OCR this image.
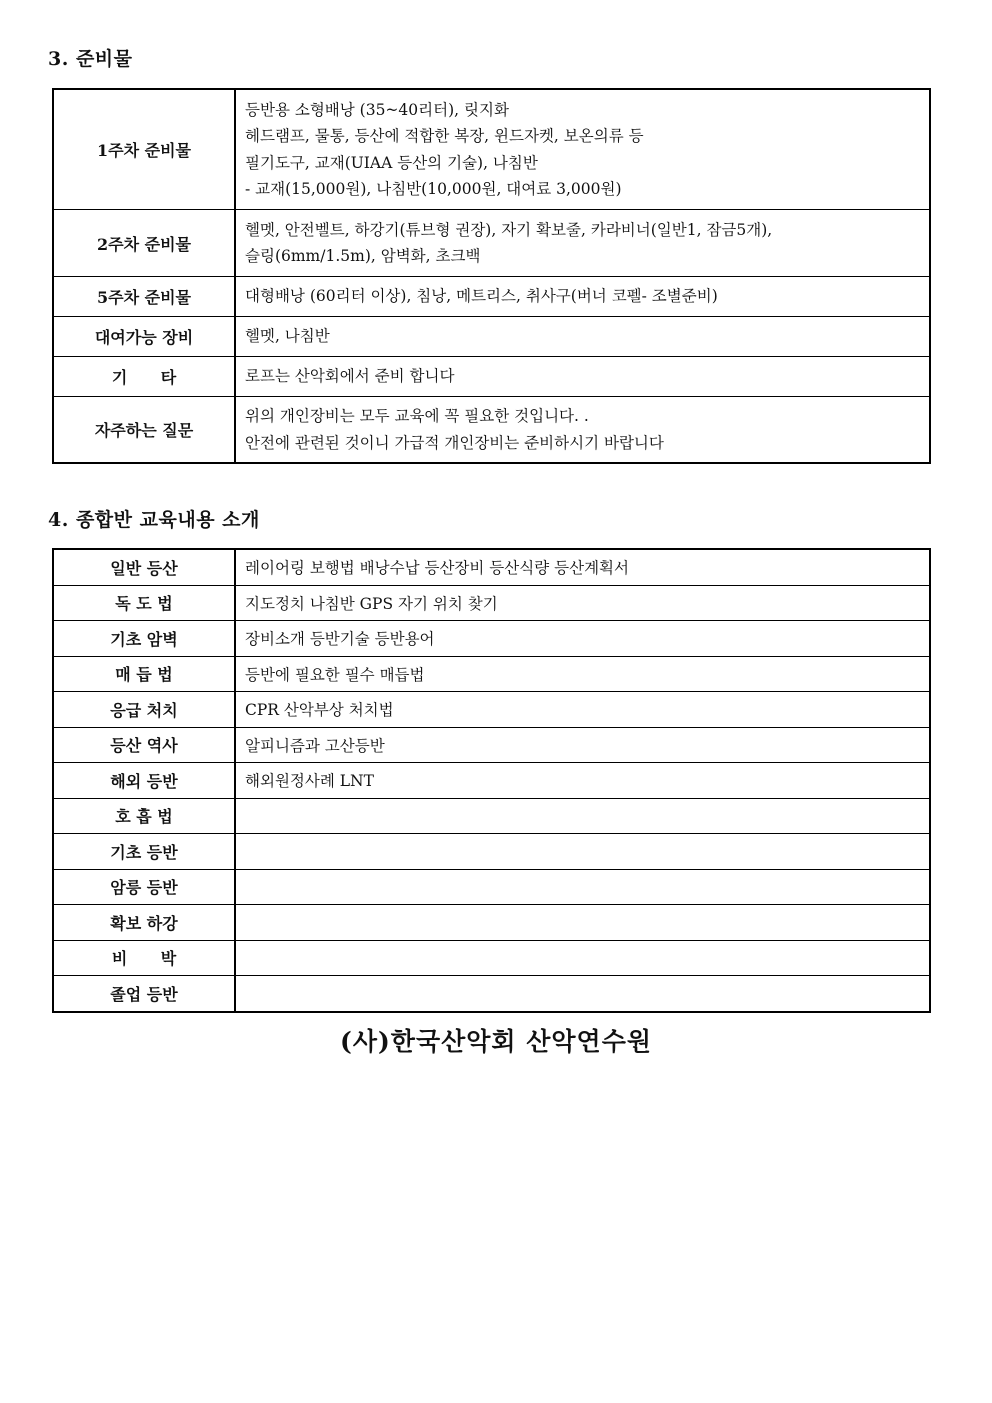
3. 준비물
1주차 준비물	등반용 소형배낭 (35~40리터), 릿지화
헤드램프, 물통, 등산에 적합한 복장, 윈드자켓, 보온의류 등
필기도구, 교재(UIAA 등산의 기술), 나침반
- 교재(15,000원), 나침반(10,000원, 대여료 3,000원)

2주차 준비물	헬멧, 안전벨트, 하강기(튜브형 권장), 자기 확보줄, 카라비너(일반1, 잠금5개),
슬링(6mm/1.5m), 암벽화, 초크백

5주차 준비물	대형배낭 (60리터 이상), 침낭, 메트리스, 취사구(버너 코펠- 조별준비)

대여가능 장비	헬멧, 나침반

기      타	로프는 산악회에서 준비 합니다

자주하는 질문	위의 개인장비는 모두 교육에 꼭 필요한 것입니다. .
안전에 관련된 것이니 가급적 개인장비는 준비하시기 바랍니다
4. 종합반 교육내용 소개
일반 등산	레이어링 보행법 배낭수납 등산장비 등산식량 등산계획서
독 도 법	지도정치 나침반 GPS 자기 위치 찾기
기초 암벽	장비소개 등반기술 등반용어
매 듭 법	등반에 필요한 필수 매듭법
응급 처치	CPR 산악부상 처치법
등산 역사	알피니즘과 고산등반
해외 등반	해외원정사례 LNT
호 흡 법	
기초 등반	
암릉 등반	
확보 하강	
비      박	
졸업 등반	
(사)한국산악회 산악연수원
